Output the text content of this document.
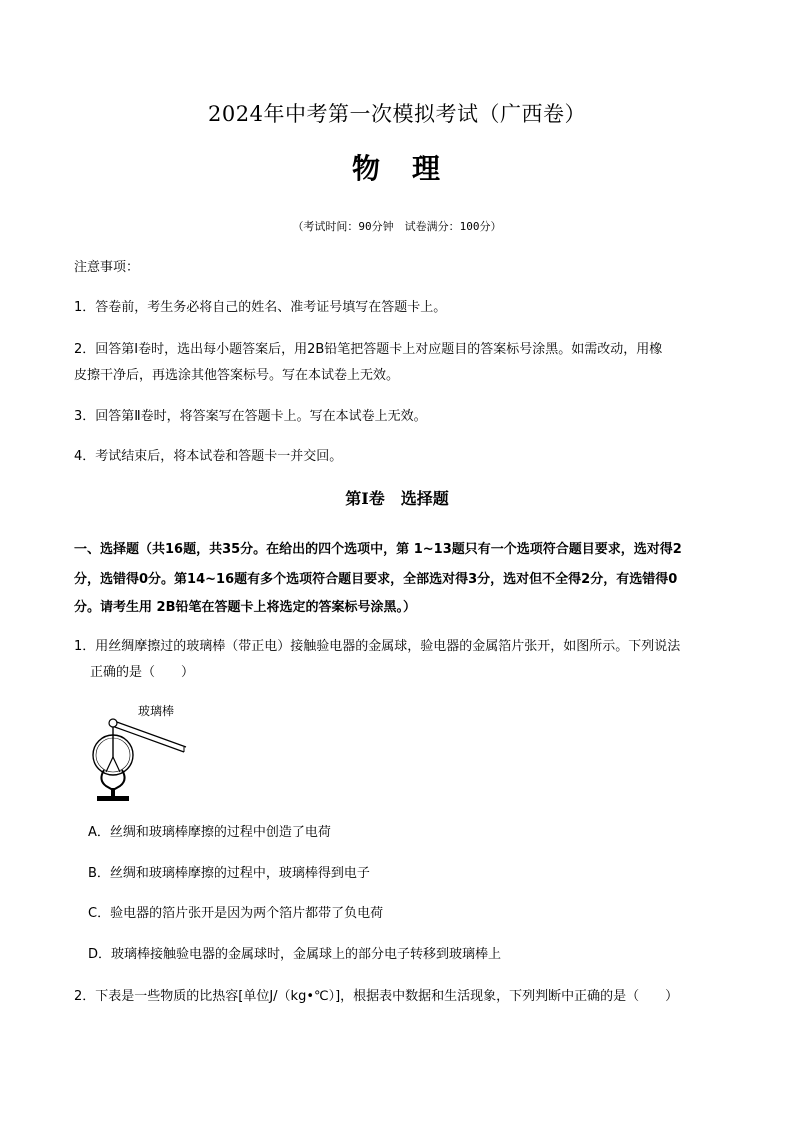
2024年中考第一次模拟考试（广西卷）
物　理
（考试时间：90分钟　试卷满分：100分）
注意事项：
1．答卷前，考生务必将自己的姓名、准考证号填写在答题卡上。
2．回答第Ⅰ卷时，选出每小题答案后，用2B铅笔把答题卡上对应题目的答案标号涂黑。如需改动，用橡
皮擦干净后，再选涂其他答案标号。写在本试卷上无效。
3．回答第Ⅱ卷时，将答案写在答题卡上。写在本试卷上无效。
4．考试结束后，将本试卷和答题卡一并交回。
第Ⅰ卷　选择题
一、选择题（共16题，共35分。在给出的四个选项中，第 1~13题只有一个选项符合题目要求，选对得2
分，选错得0分。第14~16题有多个选项符合题目要求，全部选对得3分，选对但不全得2分，有选错得0
分。请考生用 2B铅笔在答题卡上将选定的答案标号涂黑。）
1．用丝绸摩擦过的玻璃棒（带正电）接触验电器的金属球，验电器的金属箔片张开，如图所示。下列说法
正确的是（　　）
玻璃棒
A．丝绸和玻璃棒摩擦的过程中创造了电荷
B．丝绸和玻璃棒摩擦的过程中，玻璃棒得到电子
C．验电器的箔片张开是因为两个箔片都带了负电荷
D．玻璃棒接触验电器的金属球时，金属球上的部分电子转移到玻璃棒上
2．下表是一些物质的比热容[单位J/（kg•℃）]，根据表中数据和生活现象，下列判断中正确的是（　　）
